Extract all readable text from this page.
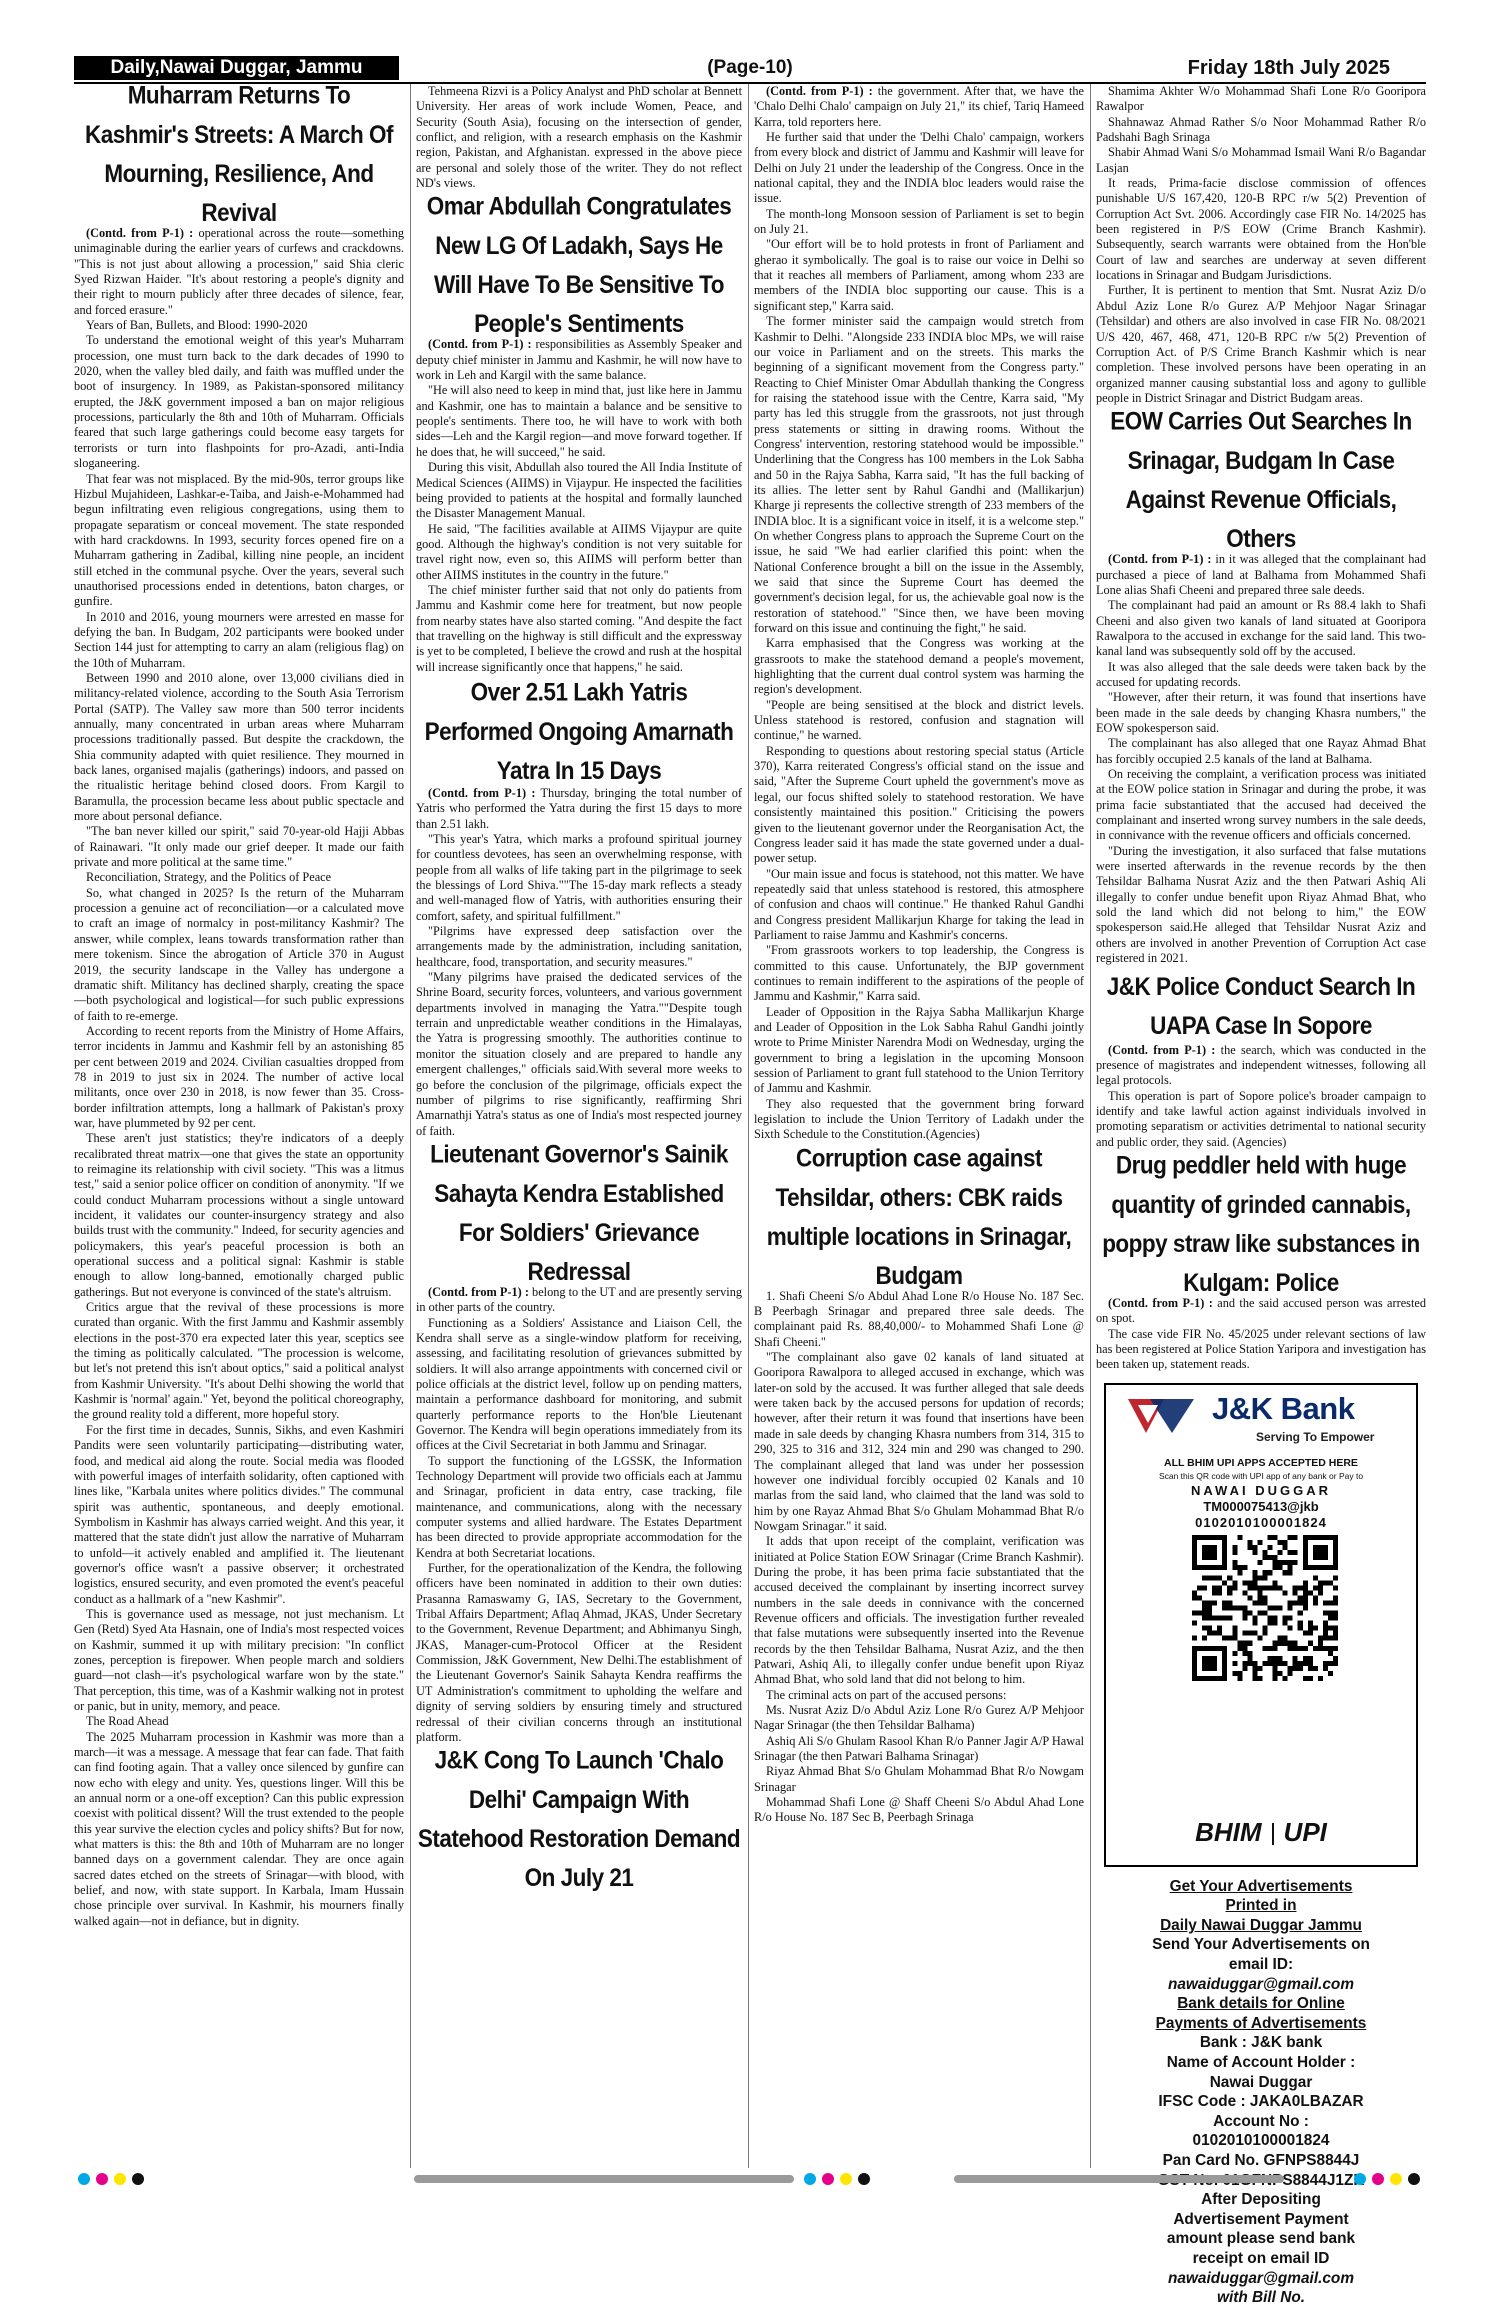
Daily,Nawai Duggar, Jammu	(Page-10)	Friday 18th July 2025
Muharram Returns To Kashmir's Streets: A March Of Mourning, Resilience, And Revival

(Contd. from P-1) : operational across the route—something unimaginable during the earlier years of curfews and crackdowns. "This is not just about allowing a procession," said Shia cleric Syed Rizwan Haider. "It's about restoring a people's dignity and their right to mourn publicly after three decades of silence, fear, and forced erasure."

Years of Ban, Bullets, and Blood: 1990-2020

To understand the emotional weight of this year's Muharram procession, one must turn back to the dark decades of 1990 to 2020, when the valley bled daily, and faith was muffled under the boot of insurgency. In 1989, as Pakistan-sponsored militancy erupted, the J&K government imposed a ban on major religious processions, particularly the 8th and 10th of Muharram. Officials feared that such large gatherings could become easy targets for terrorists or turn into flashpoints for pro-Azadi, anti-India sloganeering.

That fear was not misplaced. By the mid-90s, terror groups like Hizbul Mujahideen, Lashkar-e-Taiba, and Jaish-e-Mohammed had begun infiltrating even religious congregations, using them to propagate separatism or conceal movement. The state responded with hard crackdowns. In 1993, security forces opened fire on a Muharram gathering in Zadibal, killing nine people, an incident still etched in the communal psyche. Over the years, several such unauthorised processions ended in detentions, baton charges, or gunfire.

In 2010 and 2016, young mourners were arrested en masse for defying the ban. In Budgam, 202 participants were booked under Section 144 just for attempting to carry an alam (religious flag) on the 10th of Muharram.

Between 1990 and 2010 alone, over 13,000 civilians died in militancy-related violence, according to the South Asia Terrorism Portal (SATP). The Valley saw more than 500 terror incidents annually, many concentrated in urban areas where Muharram processions traditionally passed. But despite the crackdown, the Shia community adapted with quiet resilience. They mourned in back lanes, organised majalis (gatherings) indoors, and passed on the ritualistic heritage behind closed doors. From Kargil to Baramulla, the procession became less about public spectacle and more about personal defiance.

"The ban never killed our spirit," said 70-year-old Hajji Abbas of Rainawari. "It only made our grief deeper. It made our faith private and more political at the same time."

Reconciliation, Strategy, and the Politics of Peace

So, what changed in 2025? Is the return of the Muharram procession a genuine act of reconciliation—or a calculated move to craft an image of normalcy in post-militancy Kashmir? The answer, while complex, leans towards transformation rather than mere tokenism. Since the abrogation of Article 370 in August 2019, the security landscape in the Valley has undergone a dramatic shift. Militancy has declined sharply, creating the space—both psychological and logistical—for such public expressions of faith to re-emerge.

According to recent reports from the Ministry of Home Affairs, terror incidents in Jammu and Kashmir fell by an astonishing 85 per cent between 2019 and 2024. Civilian casualties dropped from 78 in 2019 to just six in 2024. The number of active local militants, once over 230 in 2018, is now fewer than 35. Cross-border infiltration attempts, long a hallmark of Pakistan's proxy war, have plummeted by 92 per cent.

These aren't just statistics; they're indicators of a deeply recalibrated threat matrix—one that gives the state an opportunity to reimagine its relationship with civil society. "This was a litmus test," said a senior police officer on condition of anonymity. "If we could conduct Muharram processions without a single untoward incident, it validates our counter-insurgency strategy and also builds trust with the community." Indeed, for security agencies and policymakers, this year's peaceful procession is both an operational success and a political signal: Kashmir is stable enough to allow long-banned, emotionally charged public gatherings. But not everyone is convinced of the state's altruism.

Critics argue that the revival of these processions is more curated than organic. With the first Jammu and Kashmir assembly elections in the post-370 era expected later this year, sceptics see the timing as politically calculated. "The procession is welcome, but let's not pretend this isn't about optics," said a political analyst from Kashmir University. "It's about Delhi showing the world that Kashmir is 'normal' again." Yet, beyond the political choreography, the ground reality told a different, more hopeful story.

For the first time in decades, Sunnis, Sikhs, and even Kashmiri Pandits were seen voluntarily participating—distributing water, food, and medical aid along the route. Social media was flooded with powerful images of interfaith solidarity, often captioned with lines like, "Karbala unites where politics divides." The communal spirit was authentic, spontaneous, and deeply emotional. Symbolism in Kashmir has always carried weight. And this year, it mattered that the state didn't just allow the narrative of Muharram to unfold—it actively enabled and amplified it. The lieutenant governor's office wasn't a passive observer; it orchestrated logistics, ensured security, and even promoted the event's peaceful conduct as a hallmark of a "new Kashmir".

This is governance used as message, not just mechanism. Lt Gen (Retd) Syed Ata Hasnain, one of India's most respected voices on Kashmir, summed it up with military precision: "In conflict zones, perception is firepower. When people march and soldiers guard—not clash—it's psychological warfare won by the state." That perception, this time, was of a Kashmir walking not in protest or panic, but in unity, memory, and peace.

The Road Ahead

The 2025 Muharram procession in Kashmir was more than a march—it was a message. A message that fear can fade. That faith can find footing again. That a valley once silenced by gunfire can now echo with elegy and unity. Yes, questions linger. Will this be an annual norm or a one-off exception? Can this public expression coexist with political dissent? Will the trust extended to the people this year survive the election cycles and policy shifts? But for now, what matters is this: the 8th and 10th of Muharram are no longer banned days on a government calendar. They are once again sacred dates etched on the streets of Srinagar—with blood, with belief, and now, with state support. In Karbala, Imam Hussain chose principle over survival. In Kashmir, his mourners finally walked again—not in defiance, but in dignity.

Tehmeena Rizvi is a Policy Analyst and PhD scholar at Bennett University. Her areas of work include Women, Peace, and Security (South Asia), focusing on the intersection of gender, conflict, and religion, with a research emphasis on the Kashmir region, Pakistan, and Afghanistan. expressed in the above piece are personal and solely those of the writer. They do not reflect ND's views.

Omar Abdullah Congratulates New LG Of Ladakh, Says He Will Have To Be Sensitive To People's Sentiments

(Contd. from P-1) : responsibilities as Assembly Speaker and deputy chief minister in Jammu and Kashmir, he will now have to work in Leh and Kargil with the same balance.

"He will also need to keep in mind that, just like here in Jammu and Kashmir, one has to maintain a balance and be sensitive to people's sentiments. There too, he will have to work with both sides—Leh and the Kargil region—and move forward together. If he does that, he will succeed," he said.

During this visit, Abdullah also toured the All India Institute of Medical Sciences (AIIMS) in Vijaypur. He inspected the facilities being provided to patients at the hospital and formally launched the Disaster Management Manual.

He said, "The facilities available at AIIMS Vijaypur are quite good. Although the highway's condition is not very suitable for travel right now, even so, this AIIMS will perform better than other AIIMS institutes in the country in the future."

The chief minister further said that not only do patients from Jammu and Kashmir come here for treatment, but now people from nearby states have also started coming. "And despite the fact that travelling on the highway is still difficult and the expressway is yet to be completed, I believe the crowd and rush at the hospital will increase significantly once that happens," he said.

Over 2.51 Lakh Yatris Performed Ongoing Amarnath Yatra In 15 Days

(Contd. from P-1) : Thursday, bringing the total number of Yatris who performed the Yatra during the first 15 days to more than 2.51 lakh.

"This year's Yatra, which marks a profound spiritual journey for countless devotees, has seen an overwhelming response, with people from all walks of life taking part in the pilgrimage to seek the blessings of Lord Shiva.""The 15-day mark reflects a steady and well-managed flow of Yatris, with authorities ensuring their comfort, safety, and spiritual fulfillment."

"Pilgrims have expressed deep satisfaction over the arrangements made by the administration, including sanitation, healthcare, food, transportation, and security measures."

"Many pilgrims have praised the dedicated services of the Shrine Board, security forces, volunteers, and various government departments involved in managing the Yatra.""Despite tough terrain and unpredictable weather conditions in the Himalayas, the Yatra is progressing smoothly. The authorities continue to monitor the situation closely and are prepared to handle any emergent challenges," officials said.With several more weeks to go before the conclusion of the pilgrimage, officials expect the number of pilgrims to rise significantly, reaffirming Shri Amarnathji Yatra's status as one of India's most respected journey of faith.

Lieutenant Governor's Sainik Sahayta Kendra Established For Soldiers' Grievance Redressal

(Contd. from P-1) : belong to the UT and are presently serving in other parts of the country.

Functioning as a Soldiers' Assistance and Liaison Cell, the Kendra shall serve as a single-window platform for receiving, assessing, and facilitating resolution of grievances submitted by soldiers. It will also arrange appointments with concerned civil or police officials at the district level, follow up on pending matters, maintain a performance dashboard for monitoring, and submit quarterly performance reports to the Hon'ble Lieutenant Governor. The Kendra will begin operations immediately from its offices at the Civil Secretariat in both Jammu and Srinagar.

To support the functioning of the LGSSK, the Information Technology Department will provide two officials each at Jammu and Srinagar, proficient in data entry, case tracking, file maintenance, and communications, along with the necessary computer systems and allied hardware. The Estates Department has been directed to provide appropriate accommodation for the Kendra at both Secretariat locations.

Further, for the operationalization of the Kendra, the following officers have been nominated in addition to their own duties: Prasanna Ramaswamy G, IAS, Secretary to the Government, Tribal Affairs Department; Aflaq Ahmad, JKAS, Under Secretary to the Government, Revenue Department; and Abhimanyu Singh, JKAS, Manager-cum-Protocol Officer at the Resident Commission, J&K Government, New Delhi.The establishment of the Lieutenant Governor's Sainik Sahayta Kendra reaffirms the UT Administration's commitment to upholding the welfare and dignity of serving soldiers by ensuring timely and structured redressal of their civilian concerns through an institutional platform.

J&K Cong To Launch 'Chalo Delhi' Campaign With Statehood Restoration Demand On July 21

(Contd. from P-1) : the government. After that, we have the 'Chalo Delhi Chalo' campaign on July 21," its chief, Tariq Hameed Karra, told reporters here.

He further said that under the 'Delhi Chalo' campaign, workers from every block and district of Jammu and Kashmir will leave for Delhi on July 21 under the leadership of the Congress. Once in the national capital, they and the INDIA bloc leaders would raise the issue.

The month-long Monsoon session of Parliament is set to begin on July 21.

"Our effort will be to hold protests in front of Parliament and gherao it symbolically. The goal is to raise our voice in Delhi so that it reaches all members of Parliament, among whom 233 are members of the INDIA bloc supporting our cause. This is a significant step," Karra said.

The former minister said the campaign would stretch from Kashmir to Delhi. "Alongside 233 INDIA bloc MPs, we will raise our voice in Parliament and on the streets. This marks the beginning of a significant movement from the Congress party." Reacting to Chief Minister Omar Abdullah thanking the Congress for raising the statehood issue with the Centre, Karra said, "My party has led this struggle from the grassroots, not just through press statements or sitting in drawing rooms. Without the Congress' intervention, restoring statehood would be impossible." Underlining that the Congress has 100 members in the Lok Sabha and 50 in the Rajya Sabha, Karra said, "It has the full backing of its allies. The letter sent by Rahul Gandhi and (Mallikarjun) Kharge ji represents the collective strength of 233 members of the INDIA bloc. It is a significant voice in itself, it is a welcome step." On whether Congress plans to approach the Supreme Court on the issue, he said "We had earlier clarified this point: when the National Conference brought a bill on the issue in the Assembly, we said that since the Supreme Court has deemed the government's decision legal, for us, the achievable goal now is the restoration of statehood." "Since then, we have been moving forward on this issue and continuing the fight," he said.

Karra emphasised that the Congress was working at the grassroots to make the statehood demand a people's movement, highlighting that the current dual control system was harming the region's development.

"People are being sensitised at the block and district levels. Unless statehood is restored, confusion and stagnation will continue," he warned.

Responding to questions about restoring special status (Article 370), Karra reiterated Congress's official stand on the issue and said, "After the Supreme Court upheld the government's move as legal, our focus shifted solely to statehood restoration. We have consistently maintained this position." Criticising the powers given to the lieutenant governor under the Reorganisation Act, the Congress leader said it has made the state governed under a dual-power setup.

"Our main issue and focus is statehood, not this matter. We have repeatedly said that unless statehood is restored, this atmosphere of confusion and chaos will continue." He thanked Rahul Gandhi and Congress president Mallikarjun Kharge for taking the lead in Parliament to raise Jammu and Kashmir's concerns.

"From grassroots workers to top leadership, the Congress is committed to this cause. Unfortunately, the BJP government continues to remain indifferent to the aspirations of the people of Jammu and Kashmir," Karra said.

Leader of Opposition in the Rajya Sabha Mallikarjun Kharge and Leader of Opposition in the Lok Sabha Rahul Gandhi jointly wrote to Prime Minister Narendra Modi on Wednesday, urging the government to bring a legislation in the upcoming Monsoon session of Parliament to grant full statehood to the Union Territory of Jammu and Kashmir.

They also requested that the government bring forward legislation to include the Union Territory of Ladakh under the Sixth Schedule to the Constitution.(Agencies)

Corruption case against Tehsildar, others: CBK raids multiple locations in Srinagar, Budgam

1. Shafi Cheeni S/o Abdul Ahad Lone R/o House No. 187 Sec. B Peerbagh Srinagar and prepared three sale deeds. The complainant paid Rs. 88,40,000/- to Mohammed Shafi Lone @ Shafi Cheeni."

"The complainant also gave 02 kanals of land situated at Gooripora Rawalpora to alleged accused in exchange, which was later-on sold by the accused. It was further alleged that sale deeds were taken back by the accused persons for updation of records; however, after their return it was found that insertions have been made in sale deeds by changing Khasra numbers from 314, 315 to 290, 325 to 316 and 312, 324 min and 290 was changed to 290. The complainant alleged that land was under her possession however one individual forcibly occupied 02 Kanals and 10 marlas from the said land, who claimed that the land was sold to him by one Rayaz Ahmad Bhat S/o Ghulam Mohammad Bhat R/o Nowgam Srinagar." it said.

It adds that upon receipt of the complaint, verification was initiated at Police Station EOW Srinagar (Crime Branch Kashmir). During the probe, it has been prima facie substantiated that the accused deceived the complainant by inserting incorrect survey numbers in the sale deeds in connivance with the concerned Revenue officers and officials. The investigation further revealed that false mutations were subsequently inserted into the Revenue records by the then Tehsildar Balhama, Nusrat Aziz, and the then Patwari, Ashiq Ali, to illegally confer undue benefit upon Riyaz Ahmad Bhat, who sold land that did not belong to him.

The criminal acts on part of the accused persons:

Ms. Nusrat Aziz D/o Abdul Aziz Lone R/o Gurez A/P Mehjoor Nagar Srinagar (the then Tehsildar Balhama)

Ashiq Ali S/o Ghulam Rasool Khan R/o Panner Jagir A/P Hawal Srinagar (the then Patwari Balhama Srinagar)

Riyaz Ahmad Bhat S/o Ghulam Mohammad Bhat R/o Nowgam Srinagar

Mohammad Shafi Lone @ Shaff Cheeni S/o Abdul Ahad Lone R/o House No. 187 Sec B, Peerbagh Srinaga

Shamima Akhter W/o Mohammad Shafi Lone R/o Gooripora Rawalpor

Shahnawaz Ahmad Rather S/o Noor Mohammad Rather R/o Padshahi Bagh Srinaga

Shabir Ahmad Wani S/o Mohammad Ismail Wani R/o Bagandar Lasjan

It reads, Prima-facie disclose commission of offences punishable U/S 167,420, 120-B RPC r/w 5(2) Prevention of Corruption Act Svt. 2006. Accordingly case FIR No. 14/2025 has been registered in P/S EOW (Crime Branch Kashmir). Subsequently, search warrants were obtained from the Hon'ble Court of law and searches are underway at seven different locations in Srinagar and Budgam Jurisdictions.

Further, It is pertinent to mention that Smt. Nusrat Aziz D/o Abdul Aziz Lone R/o Gurez A/P Mehjoor Nagar Srinagar (Tehsildar) and others are also involved in case FIR No. 08/2021 U/S 420, 467, 468, 471, 120-B RPC r/w 5(2) Prevention of Corruption Act. of P/S Crime Branch Kashmir which is near completion. These involved persons have been operating in an organized manner causing substantial loss and agony to gullible people in District Srinagar and District Budgam areas.

EOW Carries Out Searches In Srinagar, Budgam In Case Against Revenue Officials, Others

(Contd. from P-1) : in it was alleged that the complainant had purchased a piece of land at Balhama from Mohammed Shafi Lone alias Shafi Cheeni and prepared three sale deeds.

The complainant had paid an amount or Rs 88.4 lakh to Shafi Cheeni and also given two kanals of land situated at Gooripora Rawalpora to the accused in exchange for the said land. This two-kanal land was subsequently sold off by the accused.

It was also alleged that the sale deeds were taken back by the accused for updating records.

"However, after their return, it was found that insertions have been made in the sale deeds by changing Khasra numbers," the EOW spokesperson said.

The complainant has also alleged that one Rayaz Ahmad Bhat has forcibly occupied 2.5 kanals of the land at Balhama.

On receiving the complaint, a verification process was initiated at the EOW police station in Srinagar and during the probe, it was prima facie substantiated that the accused had deceived the complainant and inserted wrong survey numbers in the sale deeds, in connivance with the revenue officers and officials concerned.

"During the investigation, it also surfaced that false mutations were inserted afterwards in the revenue records by the then Tehsildar Balhama Nusrat Aziz and the then Patwari Ashiq Ali illegally to confer undue benefit upon Riyaz Ahmad Bhat, who sold the land which did not belong to him," the EOW spokesperson said.He alleged that Tehsildar Nusrat Aziz and others are involved in another Prevention of Corruption Act case registered in 2021.

J&K Police Conduct Search In UAPA Case In Sopore

(Contd. from P-1) : the search, which was conducted in the presence of magistrates and independent witnesses, following all legal protocols.

This operation is part of Sopore police's broader campaign to identify and take lawful action against individuals involved in promoting separatism or activities detrimental to national security and public order, they said. (Agencies)

Drug peddler held with huge quantity of grinded cannabis, poppy straw like substances in Kulgam: Police

(Contd. from P-1) : and the said accused person was arrested on spot.

The case vide FIR No. 45/2025 under relevant sections of law has been registered at Police Station Yaripora and investigation has been taken up, statement reads.

J&K Bank
Serving To Empower
ALL BHIM UPI APPS ACCEPTED HERE
Scan this QR code with UPI app of any bank or Pay to
NAWAI DUGGAR
TM000075413@jkb
0102010100001824
BHIM UPI
Get Your Advertisements
Printed in
Daily Nawai Duggar Jammu
Send Your Advertisements on
email ID:
nawaiduggar@gmail.com
Bank details for Online
Payments of Advertisements
Bank : J&K bank
Name of Account Holder :
Nawai Duggar
IFSC Code : JAKA0LBAZAR
Account No :
0102010100001824
Pan Card No. GFNPS8844J
01GFNPS8844J1ZR
After Depositing
Advertisement Payment
amount please send bank
receipt on email ID
nawaiduggar@gmail.com
with Bill No.
